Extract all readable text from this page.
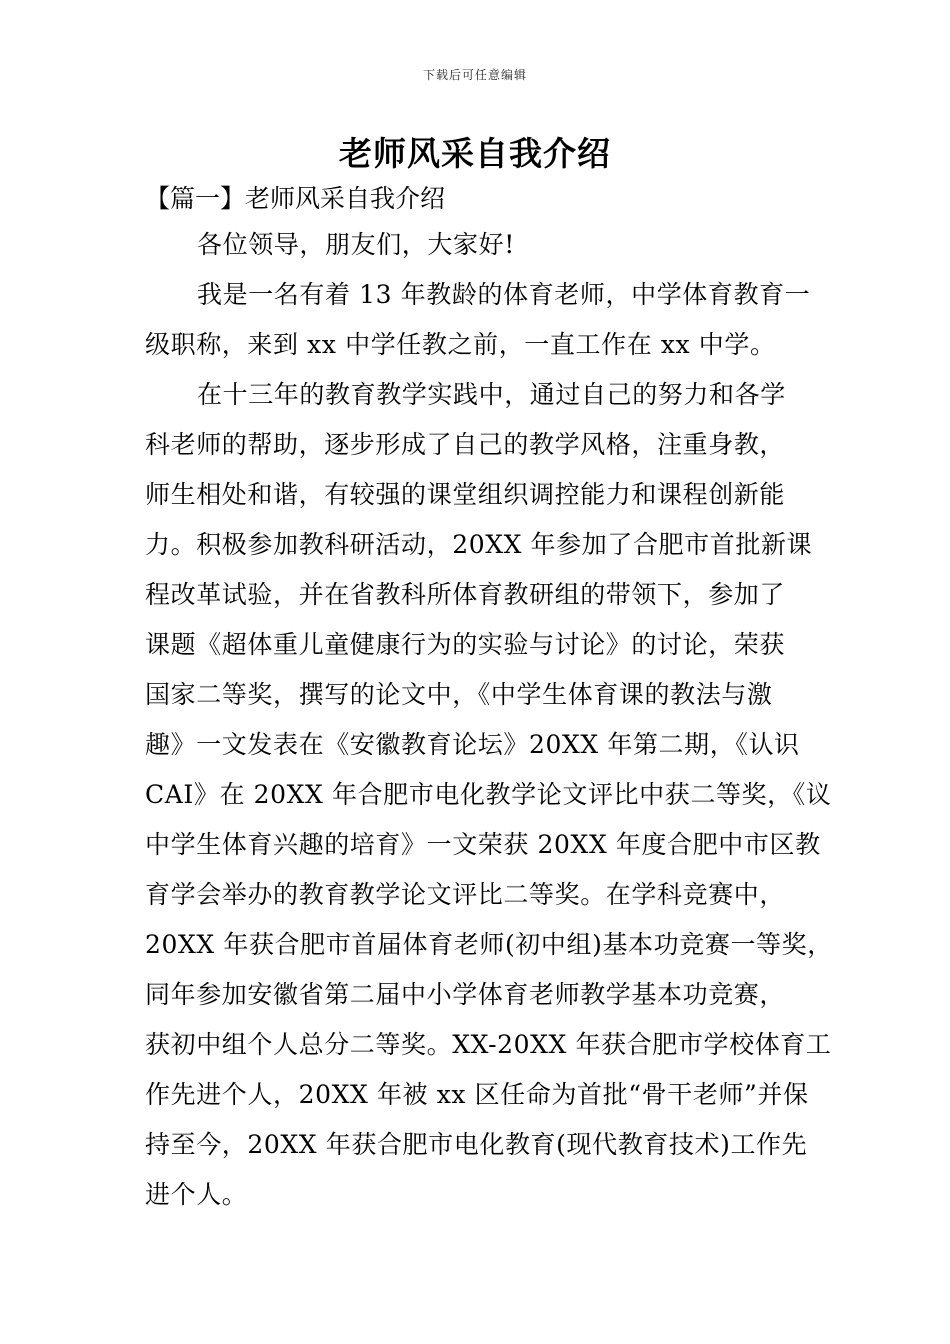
下载后可任意编辑
老师风采自我介绍
【篇一】老师风采自我介绍
各位领导，朋友们，大家好!
我是一名有着 13 年教龄的体育老师，中学体育教育一
级职称，来到 xx 中学任教之前，一直工作在 xx 中学。
在十三年的教育教学实践中，通过自己的努力和各学
科老师的帮助，逐步形成了自己的教学风格，注重身教，
师生相处和谐，有较强的课堂组织调控能力和课程创新能
力。积极参加教科研活动，20XX 年参加了合肥市首批新课
程改革试验，并在省教科所体育教研组的带领下，参加了
课题《超体重儿童健康行为的实验与讨论》的讨论，荣获
国家二等奖，撰写的论文中，《中学生体育课的教法与激
趣》一文发表在《安徽教育论坛》20XX 年第二期，《认识
CAI》在 20XX 年合肥市电化教学论文评比中获二等奖，《议
中学生体育兴趣的培育》一文荣获 20XX 年度合肥中市区教
育学会举办的教育教学论文评比二等奖。在学科竞赛中，
20XX 年获合肥市首届体育老师(初中组)基本功竞赛一等奖，
同年参加安徽省第二届中小学体育老师教学基本功竞赛，
获初中组个人总分二等奖。XX-20XX 年获合肥市学校体育工
作先进个人，20XX 年被 xx 区任命为首批“骨干老师”并保
持至今，20XX 年获合肥市电化教育(现代教育技术)工作先
进个人。
